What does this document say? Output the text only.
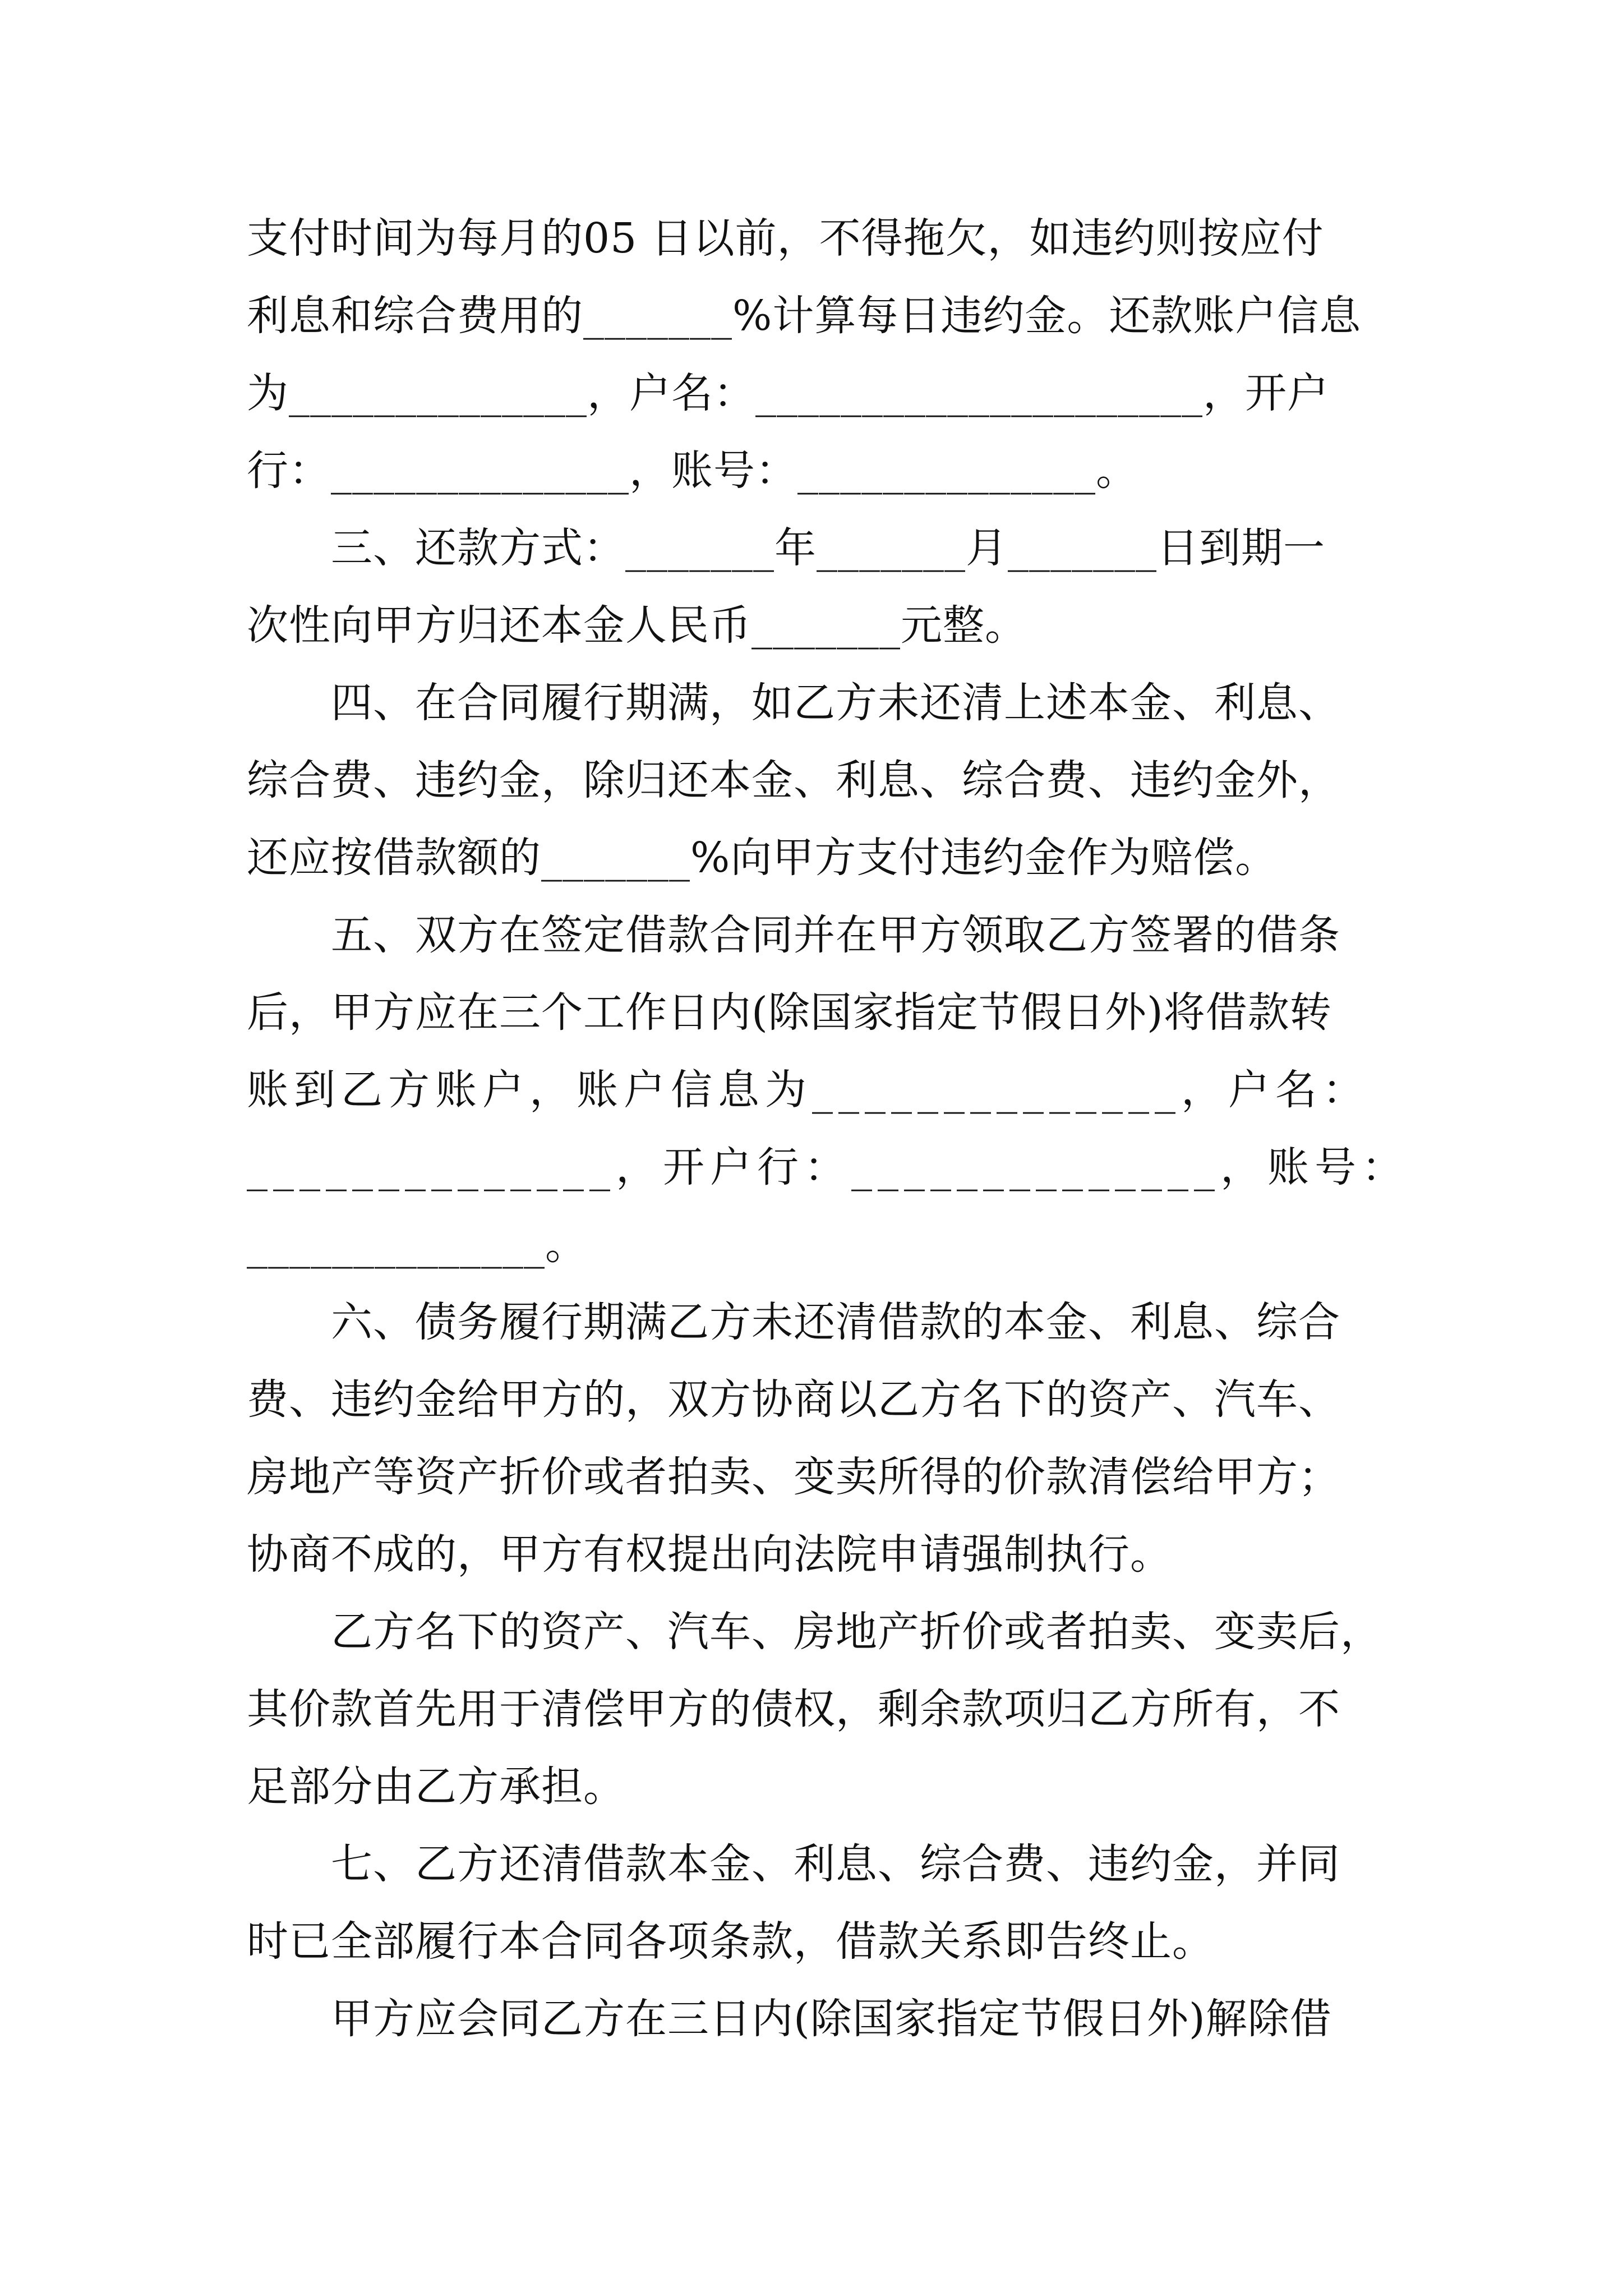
支付时间为每月的05 日以前，不得拖欠，如违约则按应付
利息和综合费用的_______%计算每日违约金。还款账户信息
为______________，户名：_____________________，开户
行：______________，账号：______________。

三、还款方式：_______年_______月_______日到期一
次性向甲方归还本金人民币_______元整。

四、在合同履行期满，如乙方未还清上述本金、利息、
综合费、违约金，除归还本金、利息、综合费、违约金外，
还应按借款额的_______%向甲方支付违约金作为赔偿。

五、双方在签定借款合同并在甲方领取乙方签署的借条
后，甲方应在三个工作日内(除国家指定节假日外)将借款转
账到乙方账户，账户信息为______________，户名：
______________，开户行：______________，账号：
______________。

六、债务履行期满乙方未还清借款的本金、利息、综合
费、违约金给甲方的，双方协商以乙方名下的资产、汽车、
房地产等资产折价或者拍卖、变卖所得的价款清偿给甲方；
协商不成的，甲方有权提出向法院申请强制执行。

乙方名下的资产、汽车、房地产折价或者拍卖、变卖后，
其价款首先用于清偿甲方的债权，剩余款项归乙方所有，不
足部分由乙方承担。

七、乙方还清借款本金、利息、综合费、违约金，并同
时已全部履行本合同各项条款，借款关系即告终止。

甲方应会同乙方在三日内(除国家指定节假日外)解除借
